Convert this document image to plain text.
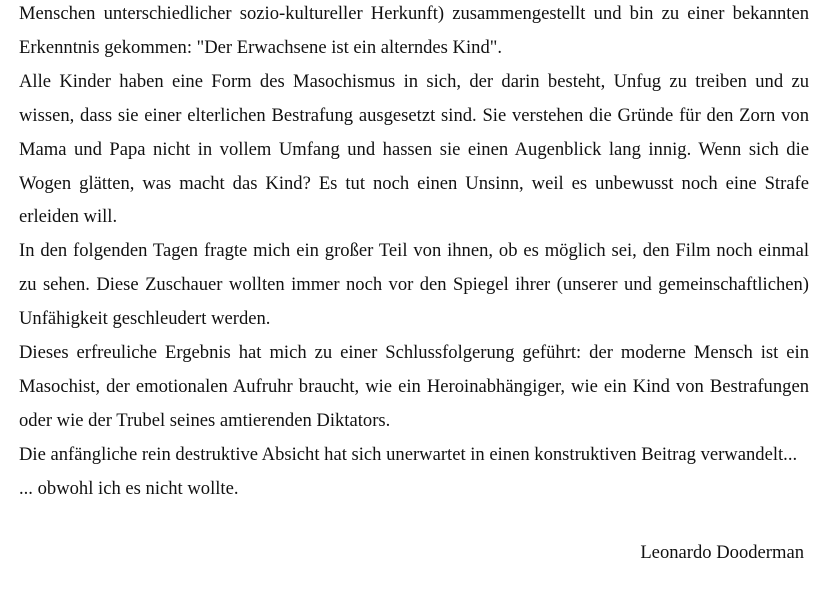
Menschen unterschiedlicher sozio-kultureller Herkunft) zusammengestellt und bin zu einer bekannten Erkenntnis gekommen: "Der Erwachsene ist ein alterndes Kind".

Alle Kinder haben eine Form des Masochismus in sich, der darin besteht, Unfug zu treiben und zu wissen, dass sie einer elterlichen Bestrafung ausgesetzt sind. Sie verstehen die Gründe für den Zorn von Mama und Papa nicht in vollem Umfang und hassen sie einen Augenblick lang innig. Wenn sich die Wogen glätten, was macht das Kind? Es tut noch einen Unsinn, weil es unbewusst noch eine Strafe erleiden will.

In den folgenden Tagen fragte mich ein großer Teil von ihnen, ob es möglich sei, den Film noch einmal zu sehen. Diese Zuschauer wollten immer noch vor den Spiegel ihrer (unserer und gemeinschaftlichen) Unfähigkeit geschleudert werden.

Dieses erfreuliche Ergebnis hat mich zu einer Schlussfolgerung geführt: der moderne Mensch ist ein Masochist, der emotionalen Aufruhr braucht, wie ein Heroinabhängiger, wie ein Kind von Bestrafungen oder wie der Trubel seines amtierenden Diktators.

Die anfängliche rein destruktive Absicht hat sich unerwartet in einen konstruktiven Beitrag verwandelt...

... obwohl ich es nicht wollte.

Leonardo Dooderman
